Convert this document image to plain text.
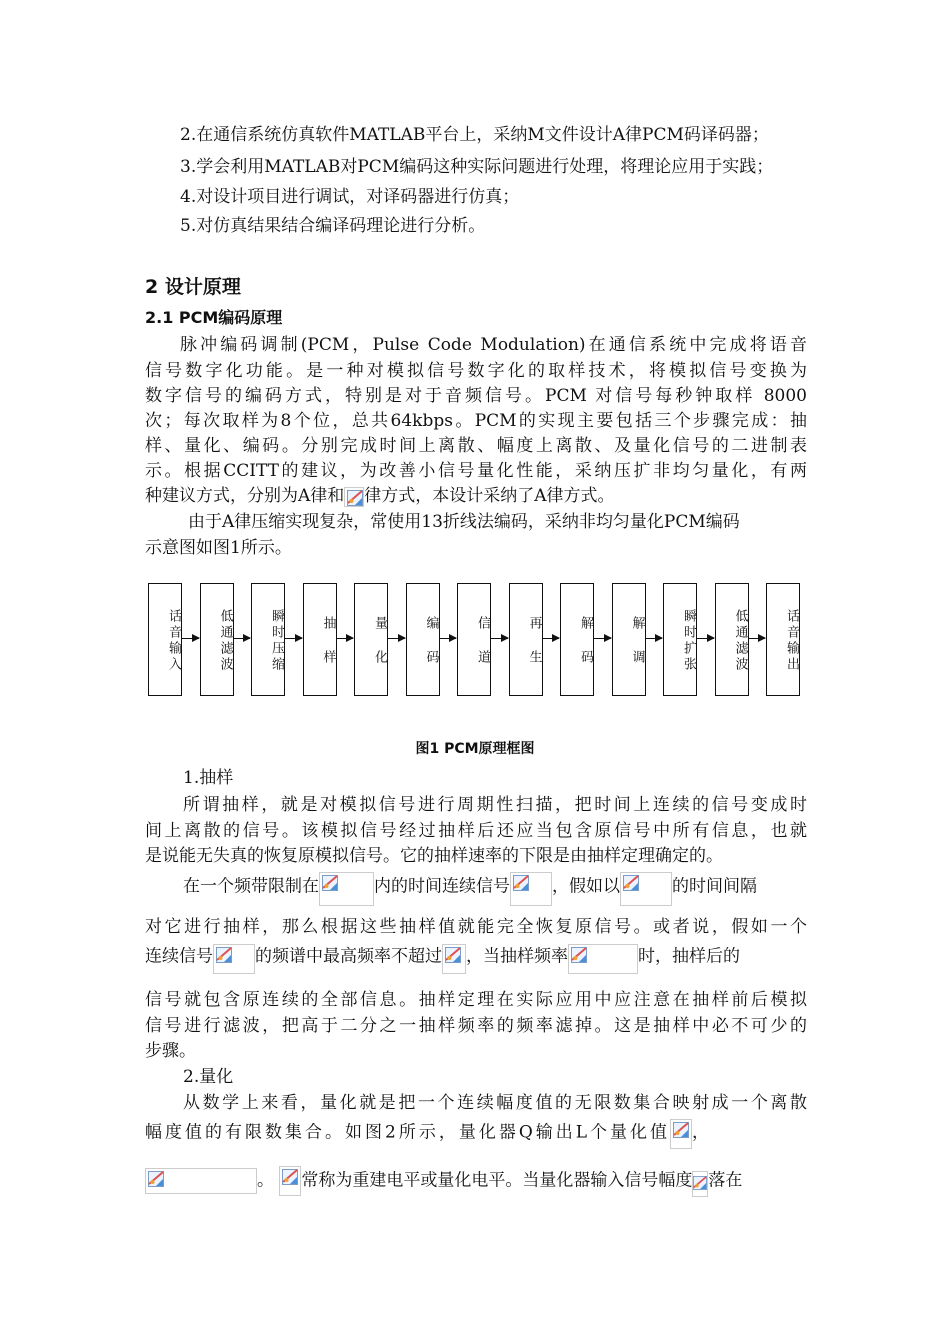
2.在通信系统仿真软件MATLAB平台上，采纳M文件设计A律PCM码译码器；
3.学会利用MATLAB对PCM编码这种实际问题进行处理，将理论应用于实践；
4.对设计项目进行调试，对译码器进行仿真；
5.对仿真结果结合编译码理论进行分析。
2 设计原理
2.1 PCM编码原理
脉冲编码调制(PCM，Pulse Code Modulation)在通信系统中完成将语音
信号数字化功能。是一种对模拟信号数字化的取样技术，将模拟信号变换为
数字信号的编码方式，特别是对于音频信号。PCM 对信号每秒钟取样 8000
次；每次取样为8个位，总共64kbps。PCM的实现主要包括三个步骤完成：抽
样、量化、编码。分别完成时间上离散、幅度上离散、及量化信号的二进制表
示。根据CCITT的建议，为改善小信号量化性能，采纳压扩非均匀量化，有两
种建议方式，分别为A律和 律方式，本设计采纳了A律方式。
由于A律压缩实现复杂，常使用13折线法编码，采纳非均匀量化PCM编码
示意图如图1所示。
话音输入	低通滤波	瞬时压缩	抽 样	量 化	编 码	信 道	再 生	解 码	解 调	瞬时扩张	低通滤波	话音输出
图1 PCM原理框图
1.抽样
所谓抽样，就是对模拟信号进行周期性扫描，把时间上连续的信号变成时
间上离散的信号。该模拟信号经过抽样后还应当包含原信号中所有信息，也就
是说能无失真的恢复原模拟信号。它的抽样速率的下限是由抽样定理确定的。
在一个频带限制在	内的时间连续信号 ，假如以	的时间间隔
对它进行抽样，那么根据这些抽样值就能完全恢复原信号。或者说，假如一个
连续信号 的频谱中最高频率不超过 ，当抽样频率	时，抽样后的
信号就包含原连续的全部信息。抽样定理在实际应用中应注意在抽样前后模拟
信号进行滤波，把高于二分之一抽样频率的频率滤掉。这是抽样中必不可少的
步骤。
2.量化
从数学上来看，量化就是把一个连续幅度值的无限数集合映射成一个离散
幅度值的有限数集合。如图2所示，量化器Q输出L个量化值 ，
。 常称为重建电平或量化电平。当量化器输入信号幅度 落在
